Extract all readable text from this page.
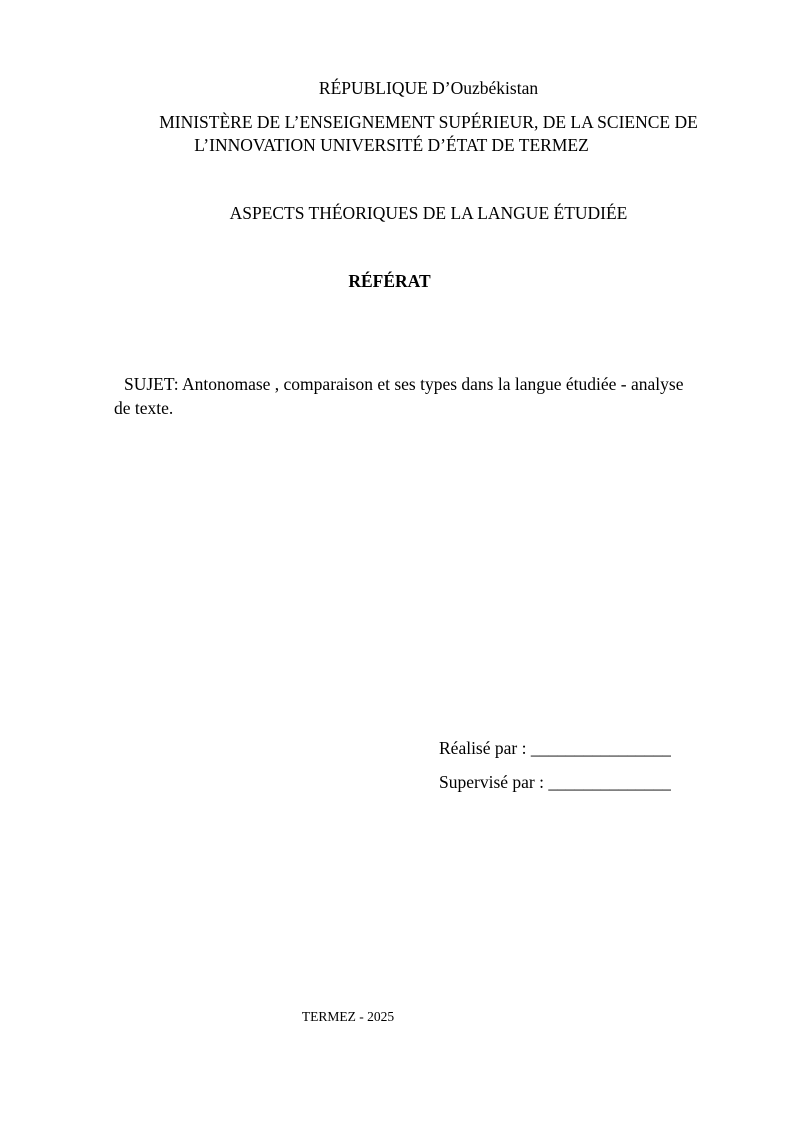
RÉPUBLIQUE D’Ouzbékistan
MINISTÈRE DE L’ENSEIGNEMENT SUPÉRIEUR, DE LA SCIENCE DE
L’INNOVATION UNIVERSITÉ D’ÉTAT DE TERMEZ
ASPECTS THÉORIQUES DE LA LANGUE ÉTUDIÉE
RÉFÉRAT
SUJET: Antonomase , comparaison et ses types dans la langue étudiée - analyse
de texte.
Réalisé par : ________________
Supervisé par : ______________
TERMEZ - 2025
